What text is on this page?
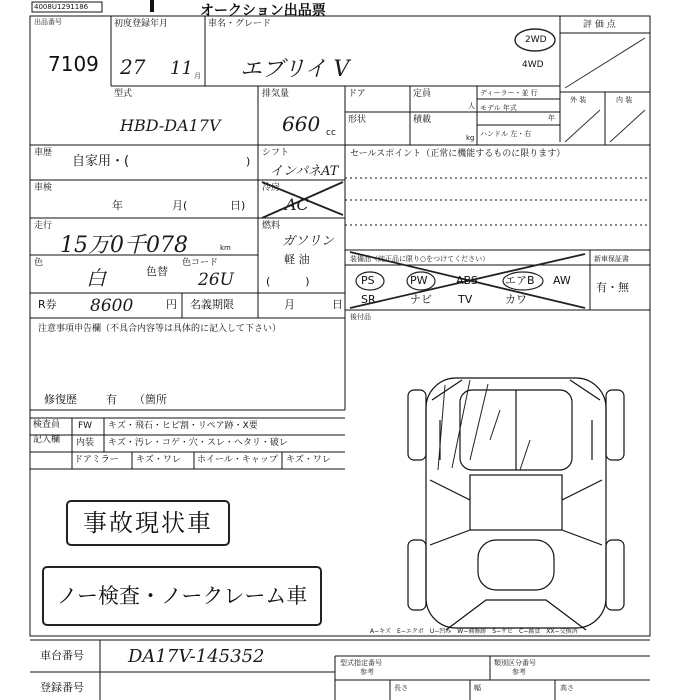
4008U1291186	オークション出品票
出品番号
7109
初度登録年月
27 11 月
車名・グレード
エブリイ V
2WD
4WD
評 価 点
外 装	内 装
型式
HBD-DA17V
排気量
660 cc
ドア	定員
人
ディーラー・並 行
モデル 年式
年
ハンドル 左・右
形状	積載
kg
車歴
自家用・(	)
シフト
インパネAT
セールスポイント（正常に機能するものに限ります）
車検
年	月(	日)
冷房
AC
走行
15万0千078	km
燃料
ガソリン
軽 油
(          )
色
白	色替
色コード
26U
装備品（純正品に限り○をつけてください）	新車保証書
有・無
PS	PW	ABS エアB AW
SR	ナビ TV	カワ
後付品
R券 8600	円 名義期限	月	日
注意事項申告欄（不具合内容等は具体的に記入して下さい）
修復歴	有 （箇所
検査員
記入欄
FW キズ・飛石・ヒビ割・リペア跡・X要
内装 キズ・汚レ・コゲ・穴・スレ・ヘタリ・破レ
ドアミラー キズ・ワレ ホイール・キャップ キズ・ワレ
事故現状車
ノー検査・ノークレーム車
A−キズ　E−エクボ　U−凹み　W−補修跡　S−サビ　C−腐食　XX−交換済
車台番号 DA17V-145352
登録番号
型式指定番号
参考
類別区分番号
参考
長さ	幅	高さ
